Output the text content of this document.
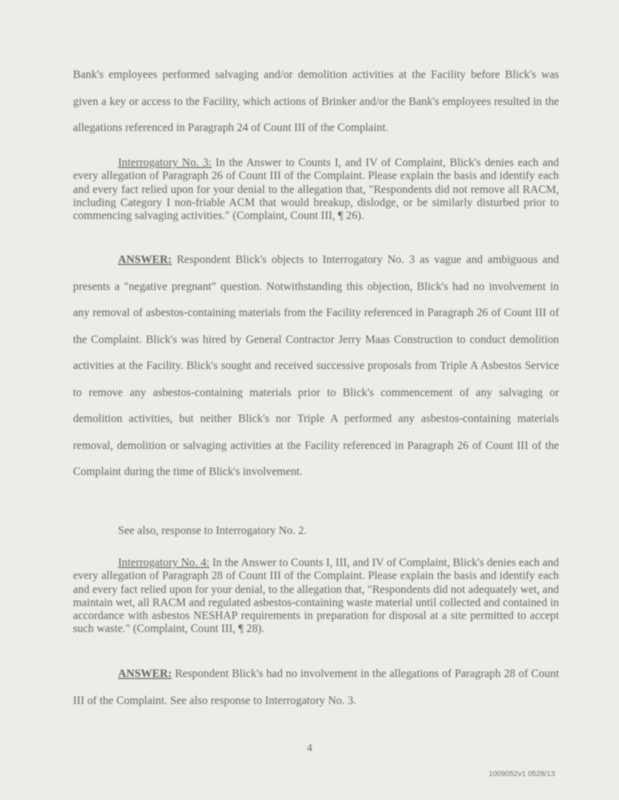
Bank's employees performed salvaging and/or demolition activities at the Facility before Blick's was given a key or access to the Facility, which actions of Brinker and/or the Bank's employees resulted in the allegations referenced in Paragraph 24 of Count III of the Complaint.

Interrogatory No. 3: In the Answer to Counts I, and IV of Complaint, Blick's denies each and every allegation of Paragraph 26 of Count III of the Complaint. Please explain the basis and identify each and every fact relied upon for your denial to the allegation that, "Respondents did not remove all RACM, including Category I non-friable ACM that would breakup, dislodge, or be similarly disturbed prior to commencing salvaging activities." (Complaint, Count III, ¶ 26).

ANSWER: Respondent Blick's objects to Interrogatory No. 3 as vague and ambiguous and presents a "negative pregnant" question. Notwithstanding this objection, Blick's had no involvement in any removal of asbestos-containing materials from the Facility referenced in Paragraph 26 of Count III of the Complaint. Blick's was hired by General Contractor Jerry Maas Construction to conduct demolition activities at the Facility. Blick's sought and received successive proposals from Triple A Asbestos Service to remove any asbestos-containing materials prior to Blick's commencement of any salvaging or demolition activities, but neither Blick's nor Triple A performed any asbestos-containing materials removal, demolition or salvaging activities at the Facility referenced in Paragraph 26 of Count III of the Complaint during the time of Blick's involvement.

See also, response to Interrogatory No. 2.

Interrogatory No. 4: In the Answer to Counts I, III, and IV of Complaint, Blick's denies each and every allegation of Paragraph 28 of Count III of the Complaint. Please explain the basis and identify each and every fact relied upon for your denial, to the allegation that, "Respondents did not adequately wet, and maintain wet, all RACM and regulated asbestos-containing waste material until collected and contained in accordance with asbestos NESHAP requirements in preparation for disposal at a site permitted to accept such waste." (Complaint, Count III, ¶ 28).

ANSWER: Respondent Blick's had no involvement in the allegations of Paragraph 28 of Count III of the Complaint. See also response to Interrogatory No. 3.

4
1009052v1 0528/13
